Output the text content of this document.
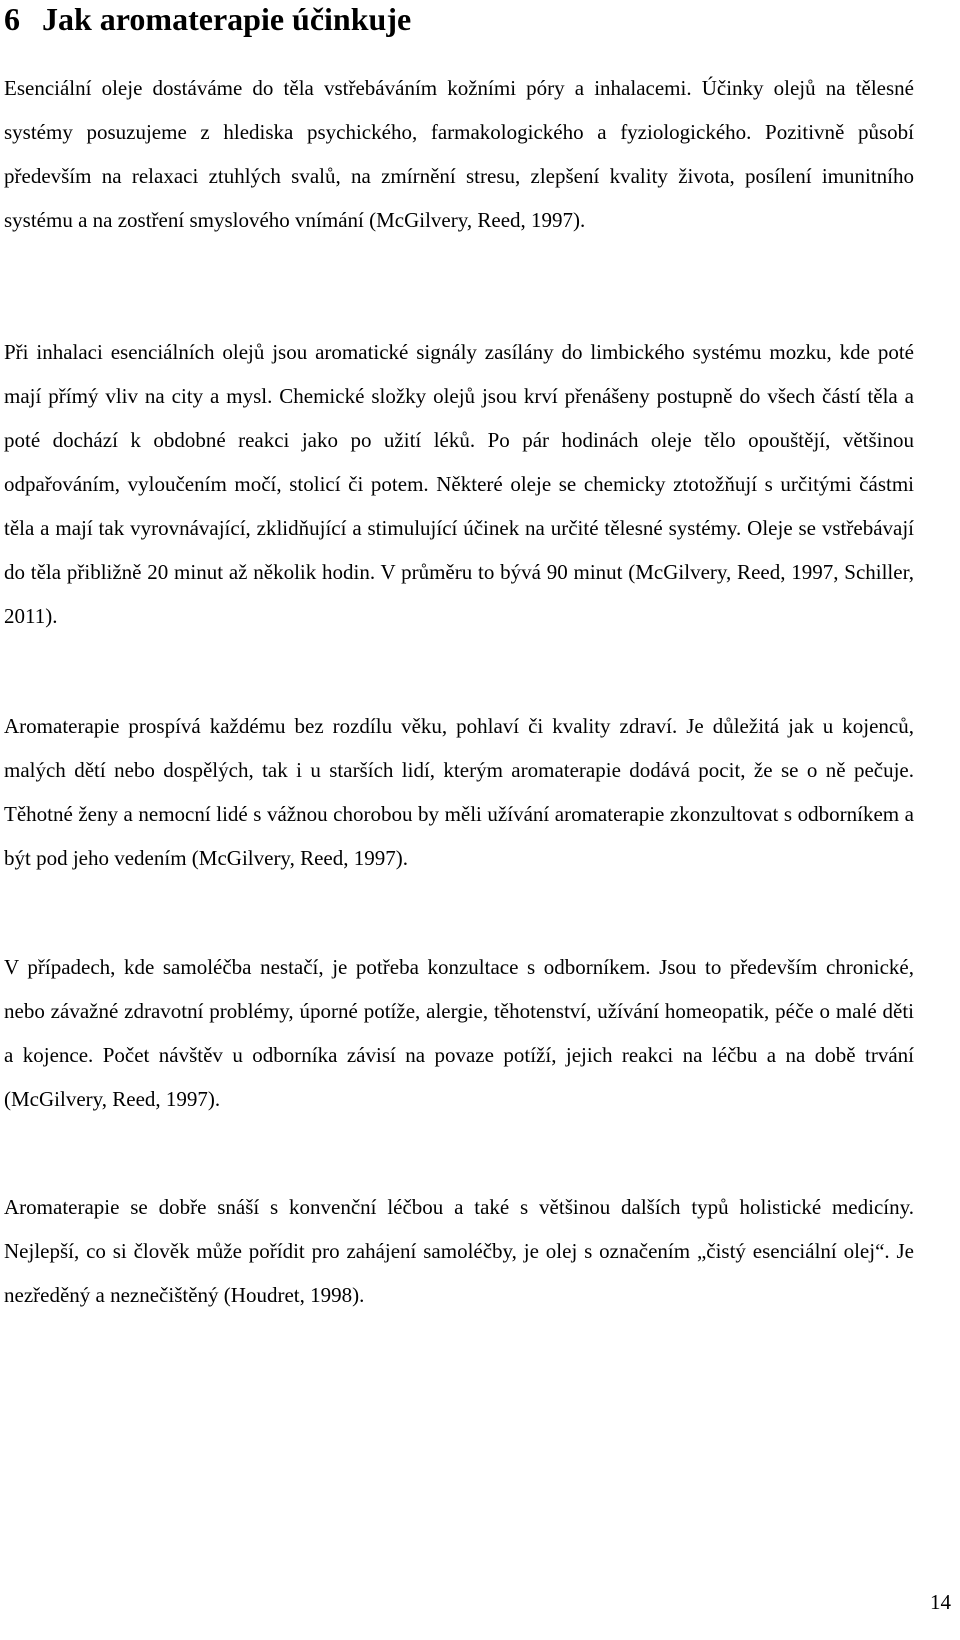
6 Jak aromaterapie účinkuje

Esenciální oleje dostáváme do těla vstřebáváním kožními póry a inhalacemi. Účinky olejů na tělesné systémy posuzujeme z hlediska psychického, farmakologického a fyziologického. Pozitivně působí především na relaxaci ztuhlých svalů, na zmírnění stresu, zlepšení kvality života, posílení imunitního systému a na zostření smyslového vnímání (McGilvery, Reed, 1997).

Při inhalaci esenciálních olejů jsou aromatické signály zasílány do limbického systému mozku, kde poté mají přímý vliv na city a mysl. Chemické složky olejů jsou krví přenášeny postupně do všech částí těla a poté dochází k obdobné reakci jako po užití léků. Po pár hodinách oleje tělo opouštějí, většinou odpařováním, vyloučením močí, stolicí či potem. Některé oleje se chemicky ztotožňují s určitými částmi těla a mají tak vyrovnávající, zklidňující a stimulující účinek na určité tělesné systémy. Oleje se vstřebávají do těla přibližně 20 minut až několik hodin. V průměru to bývá 90 minut (McGilvery, Reed, 1997, Schiller, 2011).

Aromaterapie prospívá každému bez rozdílu věku, pohlaví či kvality zdraví. Je důležitá jak u kojenců, malých dětí nebo dospělých, tak i u starších lidí, kterým aromaterapie dodává pocit, že se o ně pečuje. Těhotné ženy a nemocní lidé s vážnou chorobou by měli užívání aromaterapie zkonzultovat s odborníkem a být pod jeho vedením (McGilvery, Reed, 1997).

V případech, kde samoléčba nestačí, je potřeba konzultace s odborníkem. Jsou to především chronické, nebo závažné zdravotní problémy, úporné potíže, alergie, těhotenství, užívání homeopatik, péče o malé děti a kojence. Počet návštěv u odborníka závisí na povaze potíží, jejich reakci na léčbu a na době trvání (McGilvery, Reed, 1997).

Aromaterapie se dobře snáší s konvenční léčbou a také s většinou dalších typů holistické medicíny. Nejlepší, co si člověk může pořídit pro zahájení samoléčby, je olej s označením „čistý esenciální olej“. Je nezředěný a neznečištěný (Houdret, 1998).

14
